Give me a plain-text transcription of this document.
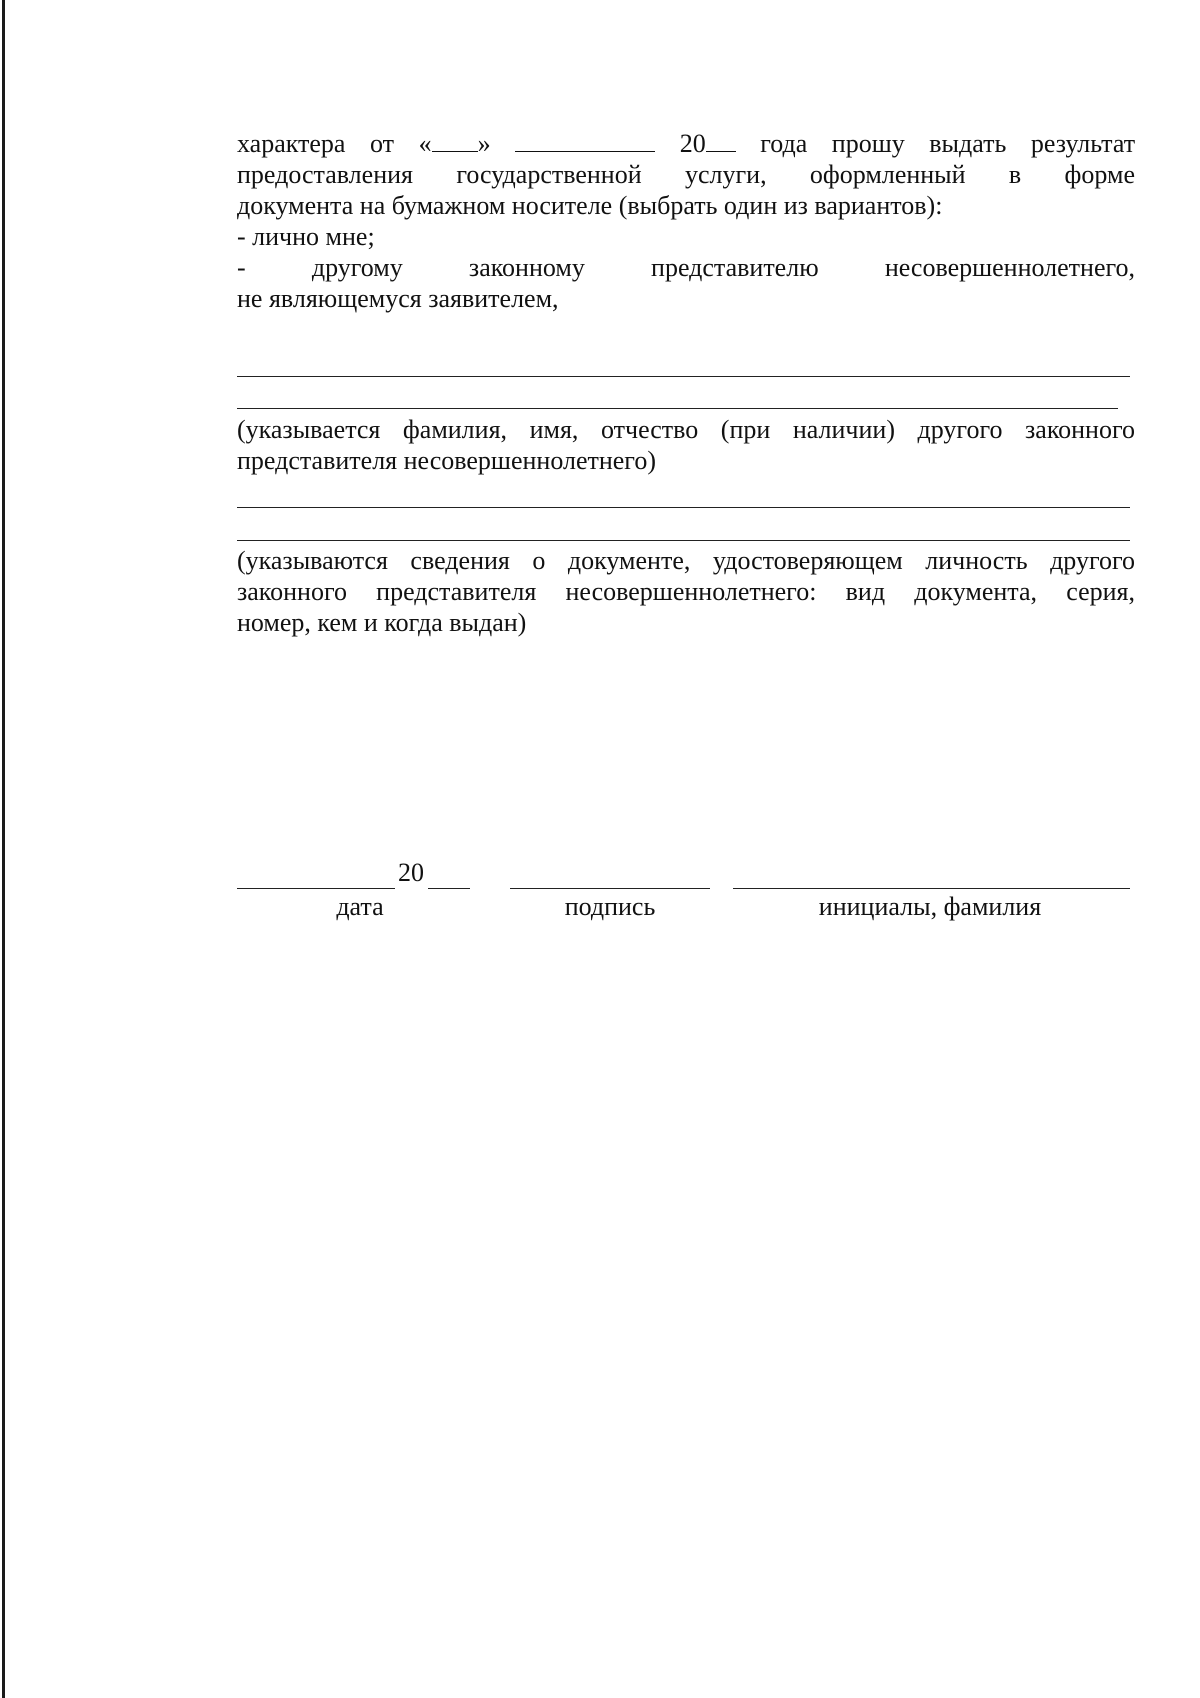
характера от « »	20 года прошу выдать результат
предоставления государственной услуги, оформленный в форме
документа на бумажном носителе (выбрать один из вариантов):
- лично мне;
-	другому	законному	представителю	несовершеннолетнего,
не являющемуся заявителем,
(указывается фамилия, имя, отчество (при наличии) другого законного
представителя несовершеннолетнего)
(указываются сведения о документе, удостоверяющем личность другого
законного представителя несовершеннолетнего: вид документа, серия,
номер, кем и когда выдан)
20
дата	подпись	инициалы, фамилия
